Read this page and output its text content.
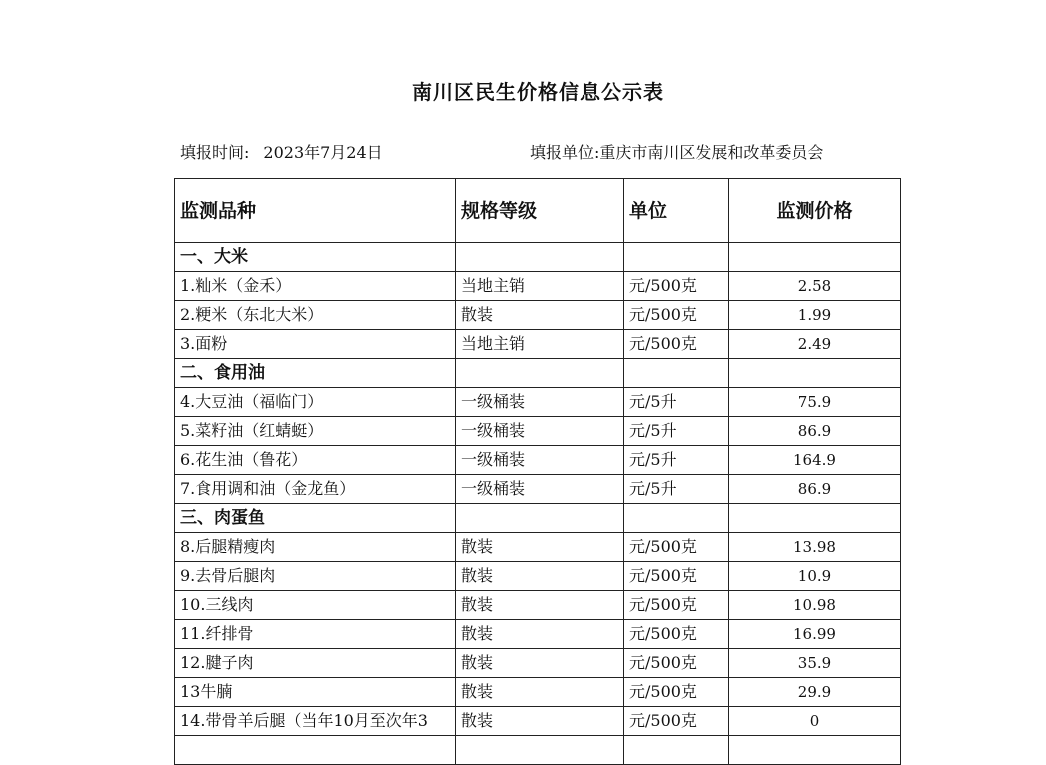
南川区民生价格信息公示表
填报时间: 2023年7月24日	填报单位:重庆市南川区发展和改革委员会
监测品种	规格等级	单位	监测价格
一、大米			
1.籼米（金禾）	当地主销	元/500克	2.58
2.粳米（东北大米）	散装	元/500克	1.99
3.面粉	当地主销	元/500克	2.49
二、食用油			
4.大豆油（福临门）	一级桶装	元/5升	75.9
5.菜籽油（红蜻蜓）	一级桶装	元/5升	86.9
6.花生油（鲁花）	一级桶装	元/5升	164.9
7.食用调和油（金龙鱼）	一级桶装	元/5升	86.9
三、肉蛋鱼			
8.后腿精瘦肉	散装	元/500克	13.98
9.去骨后腿肉	散装	元/500克	10.9
10.三线肉	散装	元/500克	10.98
11.纤排骨	散装	元/500克	16.99
12.腱子肉	散装	元/500克	35.9
13牛腩	散装	元/500克	29.9
14.带骨羊后腿（当年10月至次年3	散装	元/500克	0
